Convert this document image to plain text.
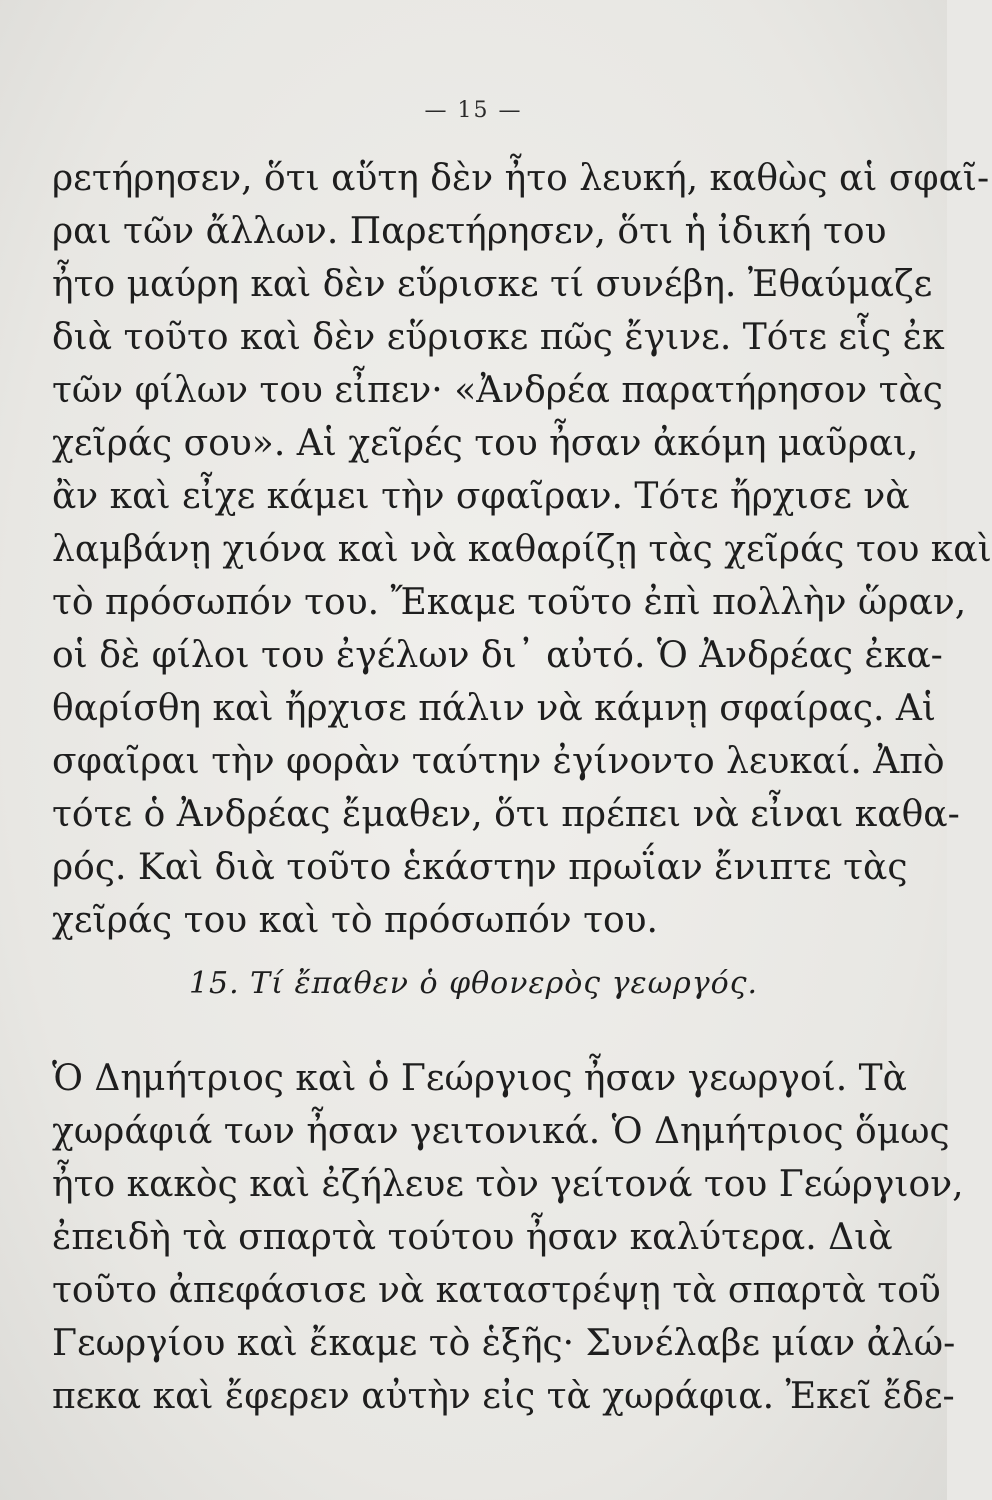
— 15 —
ρετήρησεν, ὅτι αὕτη δὲν ἦτο λευκή, καθὼς αἱ σφαῖ-
ραι τῶν ἄλλων. Παρετήρησεν, ὅτι ἡ ἰδική του
ἦτο μαύρη καὶ δὲν εὕρισκε τί συνέβη. Ἐθαύμαζε
διὰ τοῦτο καὶ δὲν εὕρισκε πῶς ἔγινε. Τότε εἷς ἐκ
τῶν φίλων του εἶπεν· «Ἀνδρέα παρατήρησον τὰς
χεῖράς σου». Αἱ χεῖρές του ἦσαν ἀκόμη μαῦραι,
ἂν καὶ εἶχε κάμει τὴν σφαῖραν. Τότε ἤρχισε νὰ
λαμβάνῃ χιόνα καὶ νὰ καθαρίζῃ τὰς χεῖράς του καὶ
τὸ πρόσωπόν του. Ἔκαμε τοῦτο ἐπὶ πολλὴν ὥραν,
οἱ δὲ φίλοι του ἐγέλων δι᾽ αὐτό. Ὁ Ἀνδρέας ἐκα-
θαρίσθη καὶ ἤρχισε πάλιν νὰ κάμνῃ σφαίρας. Αἱ
σφαῖραι τὴν φορὰν ταύτην ἐγίνοντο λευκαί. Ἀπὸ
τότε ὁ Ἀνδρέας ἔμαθεν, ὅτι πρέπει νὰ εἶναι καθα-
ρός. Καὶ διὰ τοῦτο ἑκάστην πρωΐαν ἔνιπτε τὰς
χεῖράς του καὶ τὸ πρόσωπόν του.
15. Τί ἔπαθεν ὁ φθονερὸς γεωργός.
Ὁ Δημήτριος καὶ ὁ Γεώργιος ἦσαν γεωργοί. Τὰ
χωράφιά των ἦσαν γειτονικά. Ὁ Δημήτριος ὅμως
ἦτο κακὸς καὶ ἐζήλευε τὸν γείτονά του Γεώργιον,
ἐπειδὴ τὰ σπαρτὰ τούτου ἦσαν καλύτερα. Διὰ
τοῦτο ἀπεφάσισε νὰ καταστρέψῃ τὰ σπαρτὰ τοῦ
Γεωργίου καὶ ἔκαμε τὸ ἑξῆς· Συνέλαβε μίαν ἀλώ-
πεκα καὶ ἔφερεν αὐτὴν εἰς τὰ χωράφια. Ἐκεῖ ἔδε-
